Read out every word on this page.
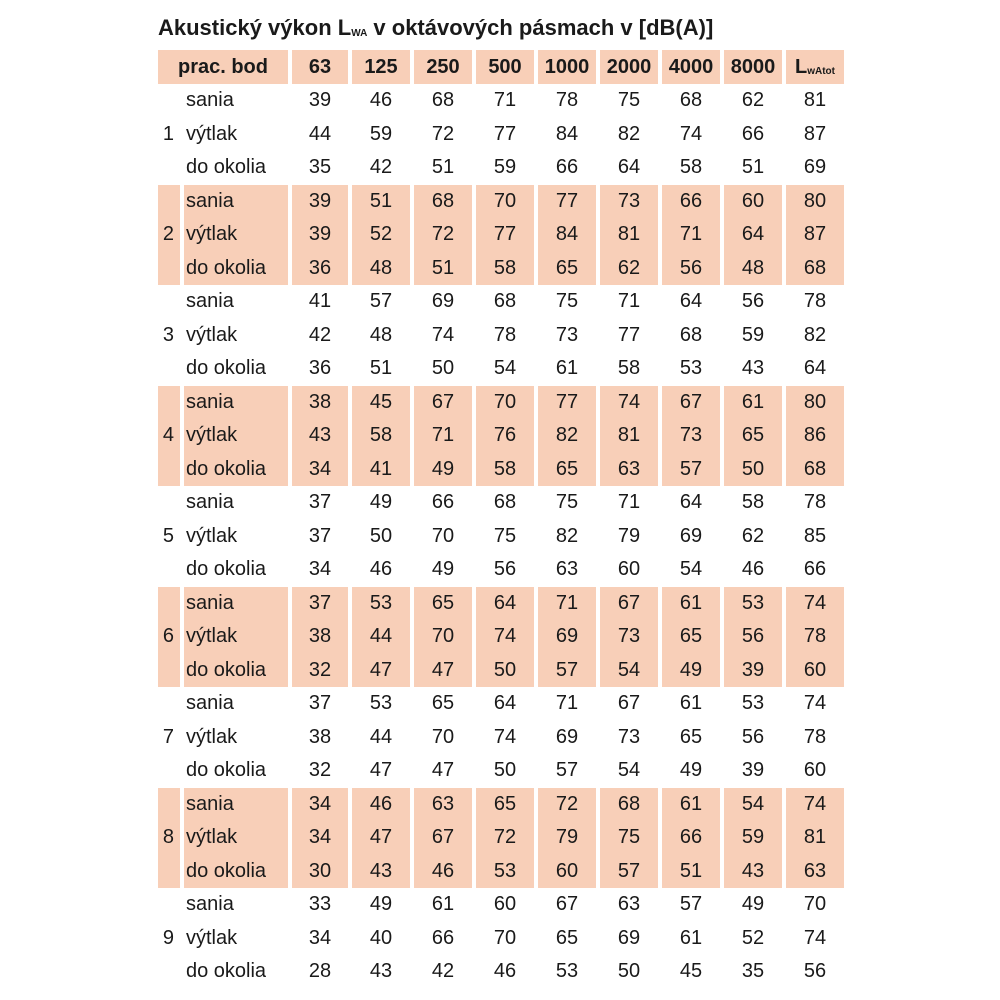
Akustický výkon $L_{WA}$ v oktávových pásmach v [dB(A)]
prac. bod		63	125	250	500	1000	2000	4000	8000	$L_{wAtot}$
	sania	39	46	68	71	78	75	68	62	81
1	výtlak	44	59	72	77	84	82	74	66	87
	do okolia	35	42	51	59	66	64	58	51	69
	sania	39	51	68	70	77	73	66	60	80
2	výtlak	39	52	72	77	84	81	71	64	87
	do okolia	36	48	51	58	65	62	56	48	68
	sania	41	57	69	68	75	71	64	56	78
3	výtlak	42	48	74	78	73	77	68	59	82
	do okolia	36	51	50	54	61	58	53	43	64
	sania	38	45	67	70	77	74	67	61	80
4	výtlak	43	58	71	76	82	81	73	65	86
	do okolia	34	41	49	58	65	63	57	50	68
	sania	37	49	66	68	75	71	64	58	78
5	výtlak	37	50	70	75	82	79	69	62	85
	do okolia	34	46	49	56	63	60	54	46	66
	sania	37	53	65	64	71	67	61	53	74
6	výtlak	38	44	70	74	69	73	65	56	78
	do okolia	32	47	47	50	57	54	49	39	60
	sania	37	53	65	64	71	67	61	53	74
7	výtlak	38	44	70	74	69	73	65	56	78
	do okolia	32	47	47	50	57	54	49	39	60
	sania	34	46	63	65	72	68	61	54	74
8	výtlak	34	47	67	72	79	75	66	59	81
	do okolia	30	43	46	53	60	57	51	43	63
	sania	33	49	61	60	67	63	57	49	70
9	výtlak	34	40	66	70	65	69	61	52	74
	do okolia	28	43	42	46	53	50	45	35	56
